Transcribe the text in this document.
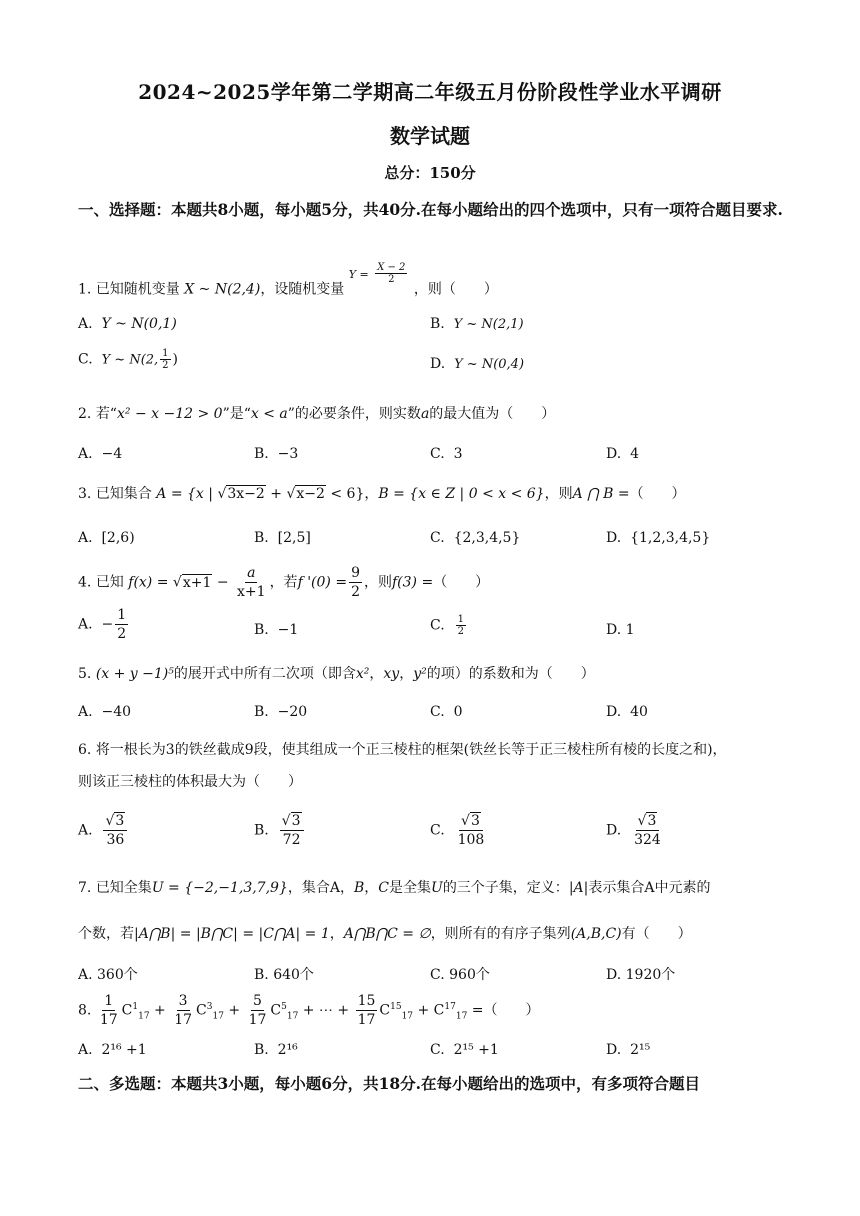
2024~2025学年第二学期高二年级五月份阶段性学业水平调研
数学试题
总分：150分
一、选择题：本题共8小题，每小题5分，共40分.在每小题给出的四个选项中，只有一项符合题目要求.
1. 已知随机变量 X ~ N(2,4)，设随机变量 $Y = \frac{X - 2}{2}$
，则（　　）
A. Y ~ N(0,1)	B. Y ~ N(2,1)
C. Y ~ N(2, $\frac{1}{2}$ )	D. Y ~ N(0,4)
2. 若“x² − x −12 > 0”是“x < a”的必要条件，则实数a的最大值为（　　）
A. −4	B. −3	C. 3	D. 4
3. 已知集合 A = {x | √3x−2 + √x−2 < 6}，B = {x ∈ Z | 0 < x < 6}，则A ⋂ B =（　　）
A. [2,6)	B. [2,5]	C. {2,3,4,5}	D. {1,2,3,4,5}
4. 已知 $f(x) = √x+1 - \frac{a}{x+1}$ ，若f '$(0) = \frac{9}{2}$ ，则f(3) =（　　）
A. − $\frac{1}{2}$	B. −1	C. $\frac{1}{2}$	D. 1
5. (x + y −1)⁵的展开式中所有二次项（即含x²，xy，y²的项）的系数和为（　　）
A. −40	B. −20	C. 0	D. 40
6. 将一根长为3的铁丝截成9段，使其组成一个正三棱柱的框架(铁丝长等于正三棱柱所有棱的长度之和)，
则该正三棱柱的体积最大为（　　）
A. $\frac{√3}{36}$	B. $\frac{√3}{72}$	C. $\frac{√3}{108}$	D. $\frac{√3}{324}$
7. 已知全集U = {−2,−1,3,7,9}，集合A，B，C是全集U的三个子集，定义：|A|表示集合A中元素的
个数，若|A⋂B| = |B⋂C| = |C⋂A| = 1，A⋂B⋂C = ∅，则所有的有序子集列(A,B,C)有（　　）
A. 360个	B. 640个	C. 960个	D. 1920个
8. $\frac{1}{17} C^1_{17} + \frac{3}{17} C^3_{17} + \frac{5}{17} C^5_{17}$ + ⋯ + $\frac{15}{17} C^{15}_{17} + C^{17}_{17}$ =（　　）
A. 2¹⁶ +1	B. 2¹⁶	C. 2¹⁵ +1	D. 2¹⁵
二、多选题：本题共3小题，每小题6分，共18分.在每小题给出的选项中，有多项符合题目
